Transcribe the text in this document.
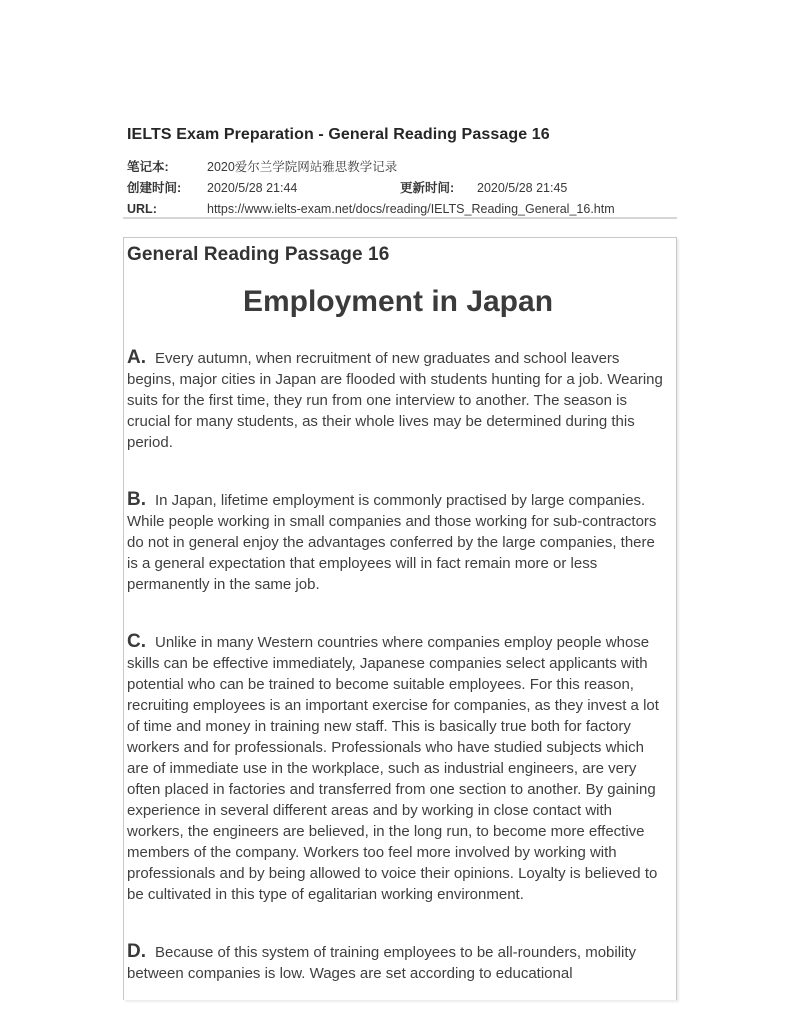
IELTS Exam Preparation - General Reading Passage 16
笔记本:	2020爱尔兰学院网站雅思教学记录
创建时间:	2020/5/28 21:44	更新时间:	2020/5/28 21:45
URL:	https://www.ielts-exam.net/docs/reading/IELTS_Reading_General_16.htm
General Reading Passage 16
Employment in Japan

A. Every autumn, when recruitment of new graduates and school leavers begins, major cities in Japan are flooded with students hunting for a job. Wearing suits for the first time, they run from one interview to another. The season is crucial for many students, as their whole lives may be determined during this period.

B. In Japan, lifetime employment is commonly practised by large companies. While people working in small companies and those working for sub-contractors do not in general enjoy the advantages conferred by the large companies, there is a general expectation that employees will in fact remain more or less permanently in the same job.

C. Unlike in many Western countries where companies employ people whose skills can be effective immediately, Japanese companies select applicants with potential who can be trained to become suitable employees. For this reason, recruiting employees is an important exercise for companies, as they invest a lot of time and money in training new staff. This is basically true both for factory workers and for professionals. Professionals who have studied subjects which are of immediate use in the workplace, such as industrial engineers, are very often placed in factories and transferred from one section to another. By gaining experience in several different areas and by working in close contact with workers, the engineers are believed, in the long run, to become more effective members of the company. Workers too feel more involved by working with professionals and by being allowed to voice their opinions. Loyalty is believed to be cultivated in this type of egalitarian working environment.

D. Because of this system of training employees to be all-rounders, mobility between companies is low. Wages are set according to educational
